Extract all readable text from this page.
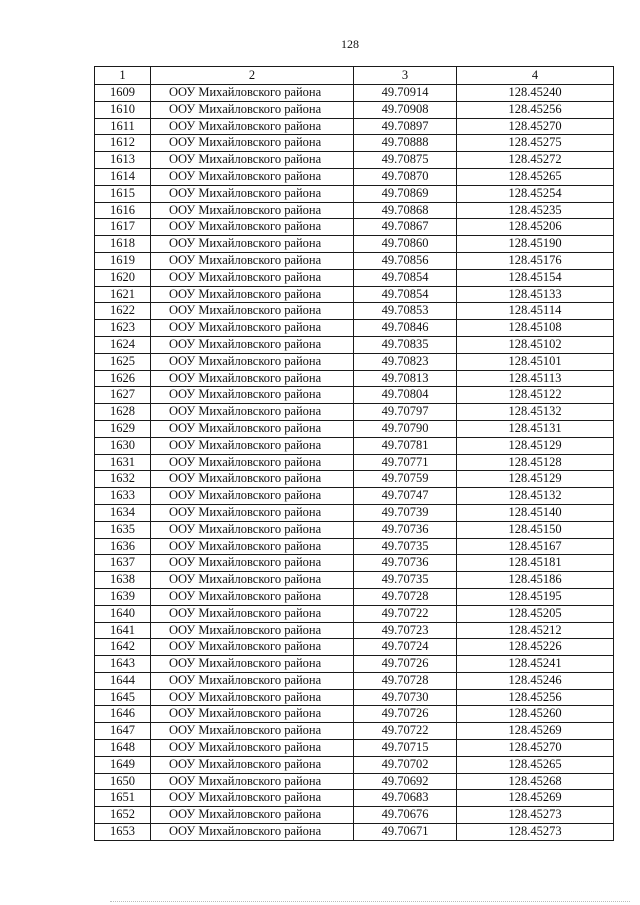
128
1	2	3	4
1609	ООУ Михайловского района	49.70914	128.45240
1610	ООУ Михайловского района	49.70908	128.45256
1611	ООУ Михайловского района	49.70897	128.45270
1612	ООУ Михайловского района	49.70888	128.45275
1613	ООУ Михайловского района	49.70875	128.45272
1614	ООУ Михайловского района	49.70870	128.45265
1615	ООУ Михайловского района	49.70869	128.45254
1616	ООУ Михайловского района	49.70868	128.45235
1617	ООУ Михайловского района	49.70867	128.45206
1618	ООУ Михайловского района	49.70860	128.45190
1619	ООУ Михайловского района	49.70856	128.45176
1620	ООУ Михайловского района	49.70854	128.45154
1621	ООУ Михайловского района	49.70854	128.45133
1622	ООУ Михайловского района	49.70853	128.45114
1623	ООУ Михайловского района	49.70846	128.45108
1624	ООУ Михайловского района	49.70835	128.45102
1625	ООУ Михайловского района	49.70823	128.45101
1626	ООУ Михайловского района	49.70813	128.45113
1627	ООУ Михайловского района	49.70804	128.45122
1628	ООУ Михайловского района	49.70797	128.45132
1629	ООУ Михайловского района	49.70790	128.45131
1630	ООУ Михайловского района	49.70781	128.45129
1631	ООУ Михайловского района	49.70771	128.45128
1632	ООУ Михайловского района	49.70759	128.45129
1633	ООУ Михайловского района	49.70747	128.45132
1634	ООУ Михайловского района	49.70739	128.45140
1635	ООУ Михайловского района	49.70736	128.45150
1636	ООУ Михайловского района	49.70735	128.45167
1637	ООУ Михайловского района	49.70736	128.45181
1638	ООУ Михайловского района	49.70735	128.45186
1639	ООУ Михайловского района	49.70728	128.45195
1640	ООУ Михайловского района	49.70722	128.45205
1641	ООУ Михайловского района	49.70723	128.45212
1642	ООУ Михайловского района	49.70724	128.45226
1643	ООУ Михайловского района	49.70726	128.45241
1644	ООУ Михайловского района	49.70728	128.45246
1645	ООУ Михайловского района	49.70730	128.45256
1646	ООУ Михайловского района	49.70726	128.45260
1647	ООУ Михайловского района	49.70722	128.45269
1648	ООУ Михайловского района	49.70715	128.45270
1649	ООУ Михайловского района	49.70702	128.45265
1650	ООУ Михайловского района	49.70692	128.45268
1651	ООУ Михайловского района	49.70683	128.45269
1652	ООУ Михайловского района	49.70676	128.45273
1653	ООУ Михайловского района	49.70671	128.45273
